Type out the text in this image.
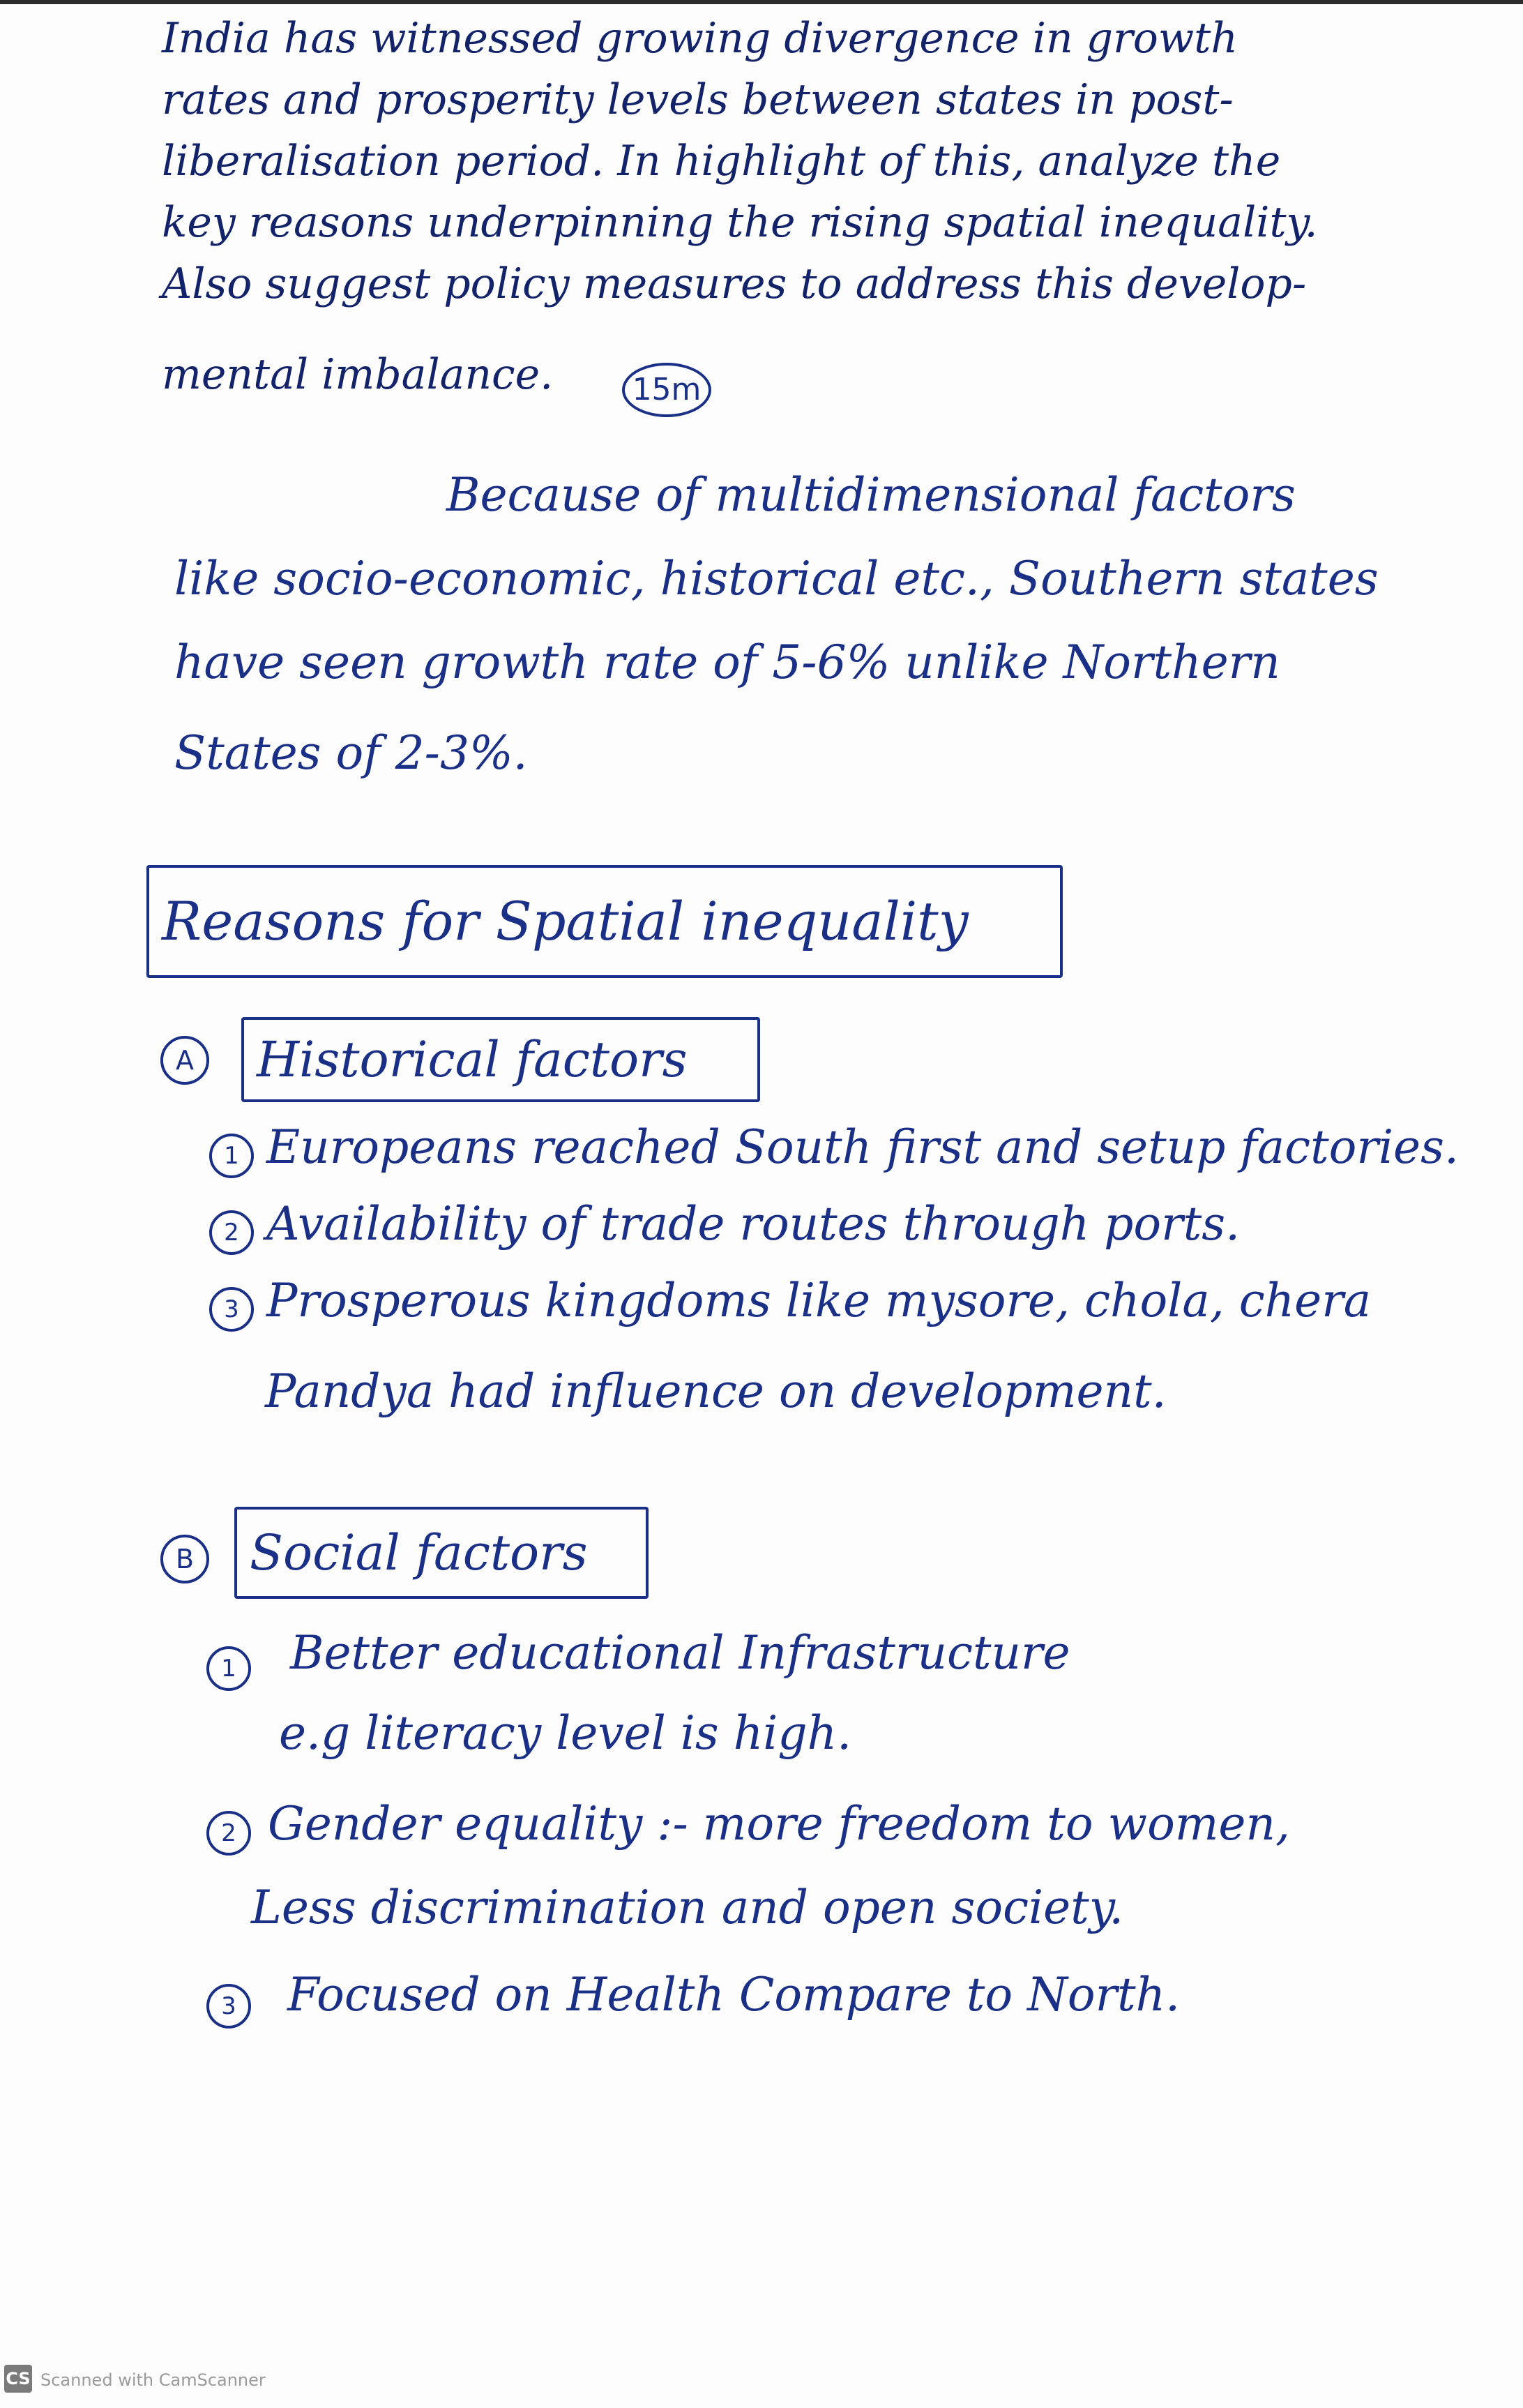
India has witnessed growing divergence in growth
rates and prosperity levels between states in post-
liberalisation period. In highlight of this, analyze the
key reasons underpinning the rising spatial inequality.
Also suggest policy measures to address this develop-
mental imbalance.	15m
Because of multidimensional factors
like socio-economic, historical etc., Southern states
have seen growth rate of 5-6% unlike Northern
States of 2-3%.
Reasons for Spatial inequality
A	Historical factors
1 Europeans reached South first and setup factories.
2 Availability of trade routes through ports.
3 Prosperous kingdoms like mysore, chola, chera
Pandya had influence on development.
B	Social factors
1	Better educational Infrastructure
e.g literacy level is high.
2 Gender equality :- more freedom to women,
Less discrimination and open society.
3	Focused on Health Compare to North.
CS Scanned with CamScanner
